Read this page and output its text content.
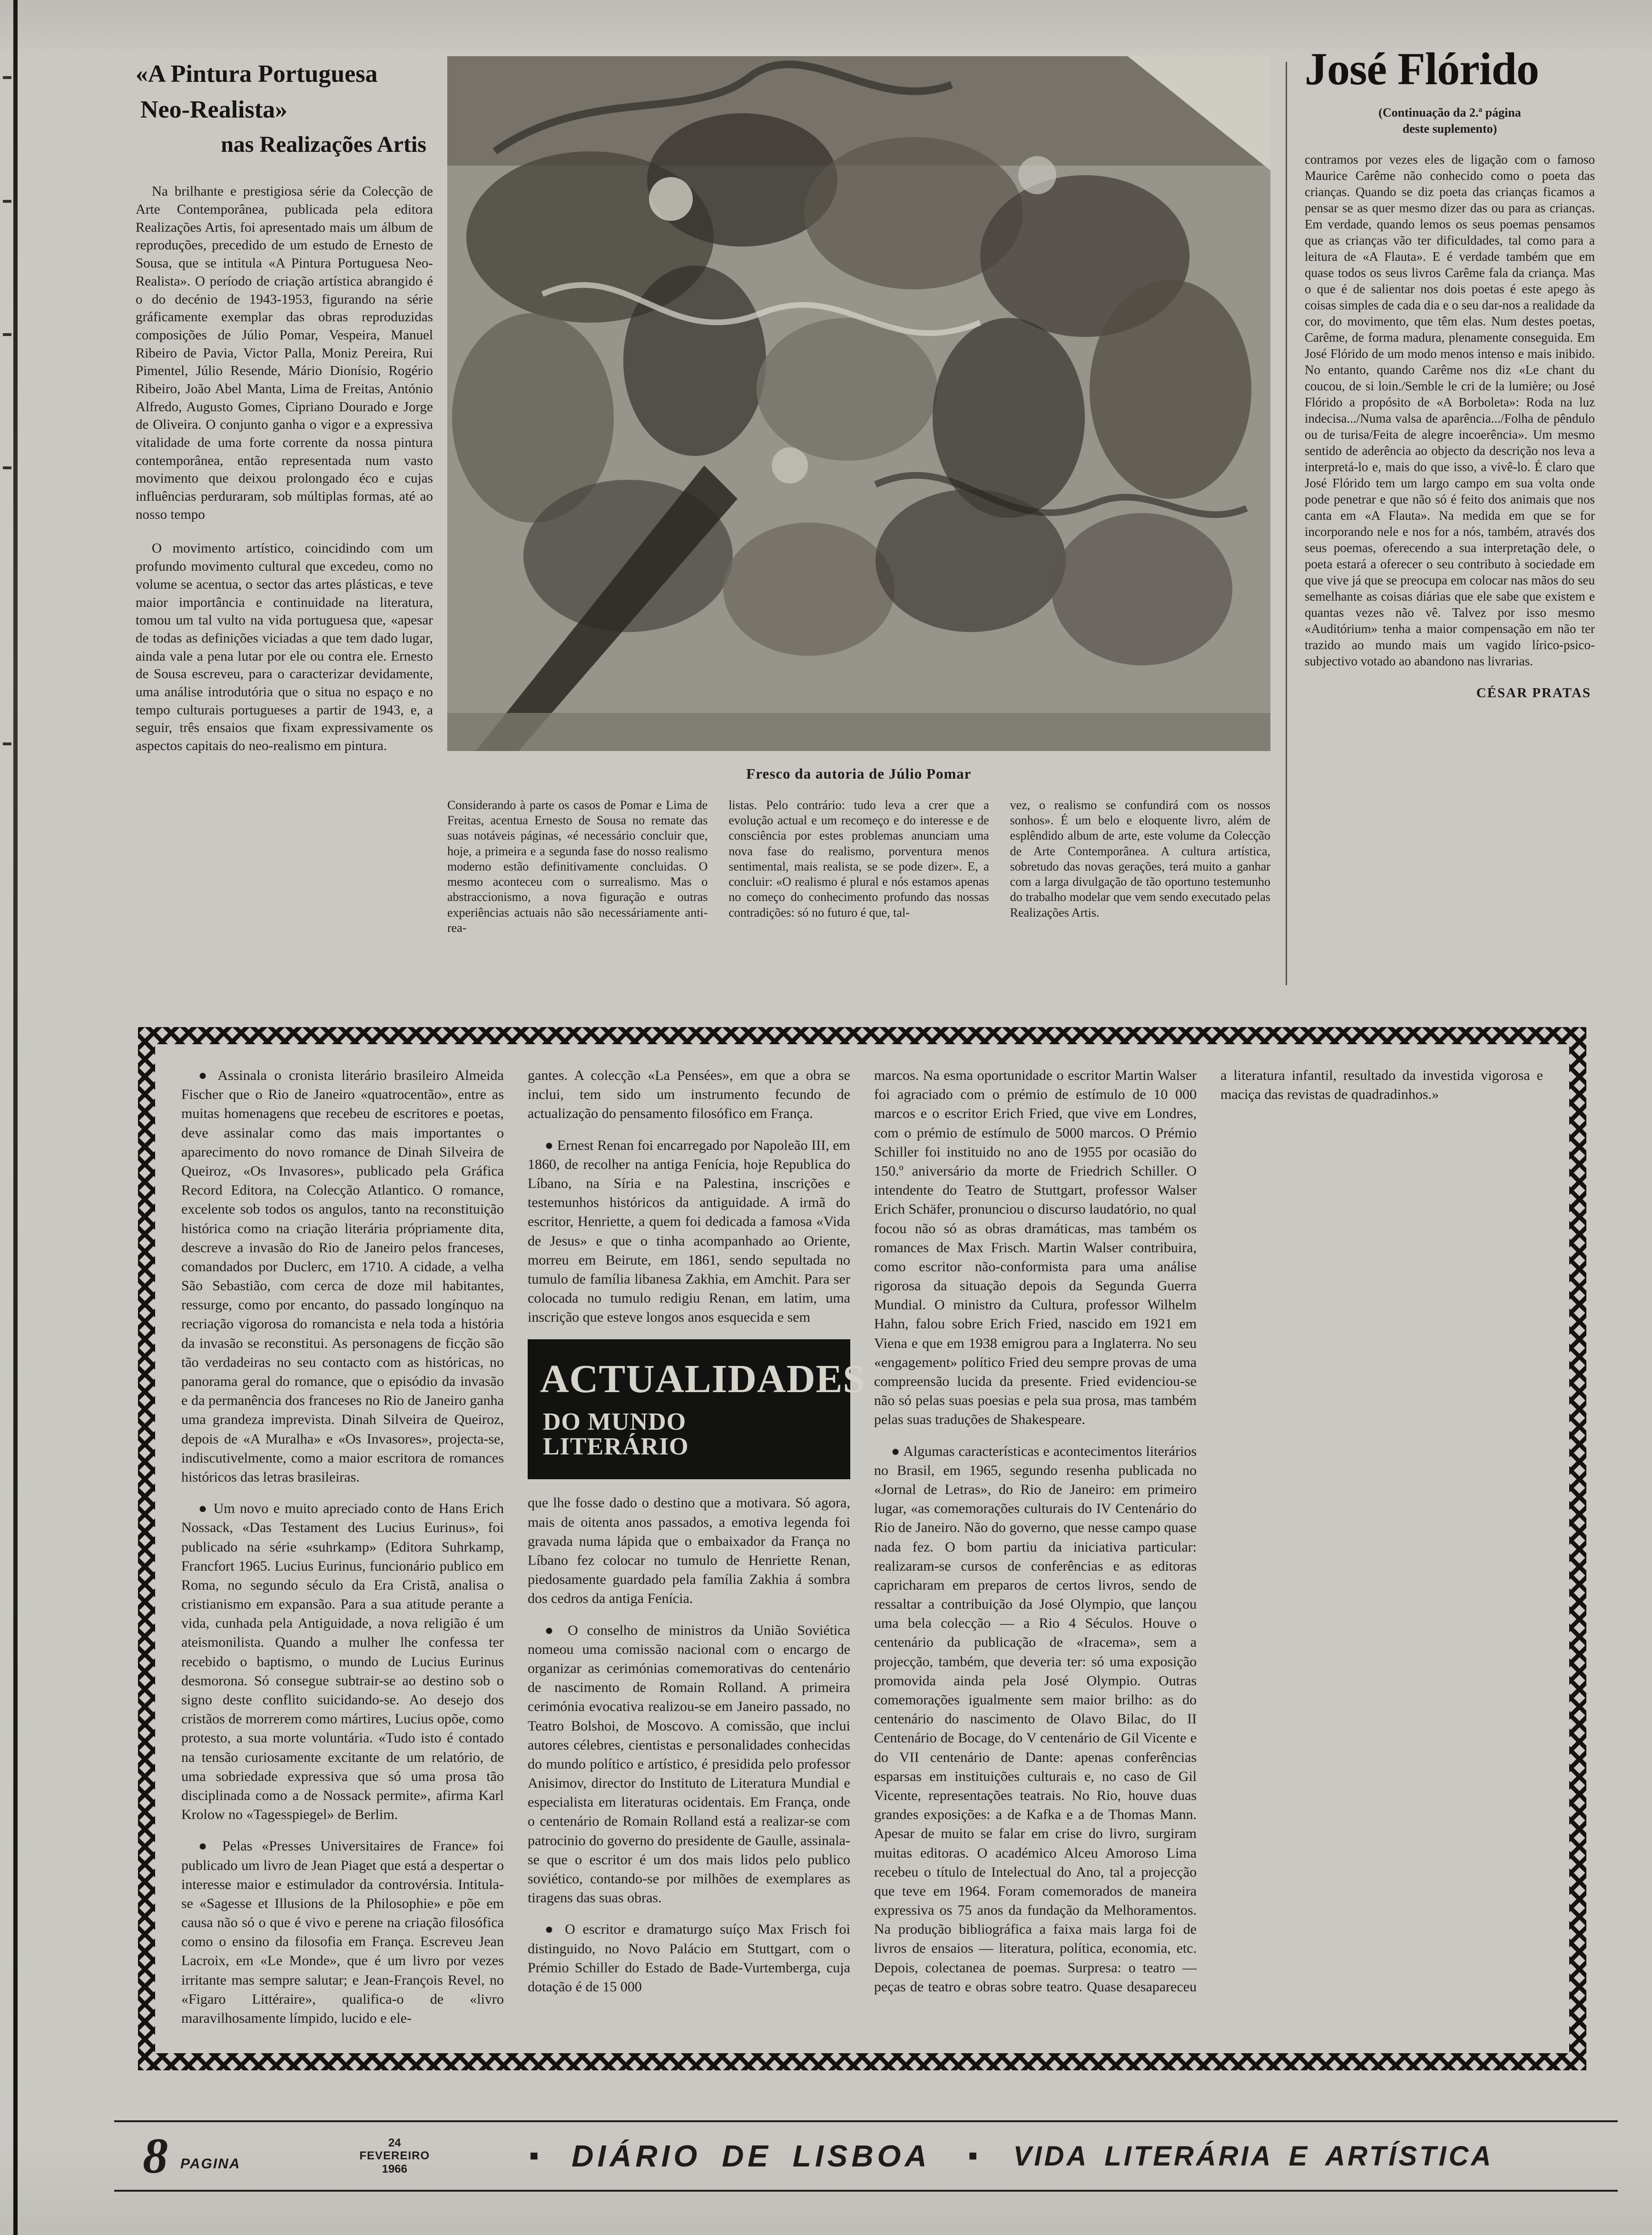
«A Pintura Portuguesa
Neo-Realista»
nas Realizações Artis

Na brilhante e prestigiosa série da Colecção de Arte Contemporânea, publicada pela editora Realizações Artis, foi apresentado mais um álbum de reproduções, precedido de um estudo de Ernesto de Sousa, que se intitula «A Pintura Portuguesa Neo-Realista». O período de criação artística abrangido é o do decénio de 1943-1953, figurando na série gráficamente exemplar das obras reproduzidas composições de Júlio Pomar, Vespeira, Manuel Ribeiro de Pavia, Victor Palla, Moniz Pereira, Rui Pimentel, Júlio Resende, Mário Dionísio, Rogério Ribeiro, João Abel Manta, Lima de Freitas, António Alfredo, Augusto Gomes, Cipriano Dourado e Jorge de Oliveira. O conjunto ganha o vigor e a expressiva vitalidade de uma forte corrente da nossa pintura contemporânea, então representada num vasto movimento que deixou prolongado éco e cujas influências perduraram, sob múltiplas formas, até ao nosso tempo

O movimento artístico, coincidindo com um profundo movimento cultural que excedeu, como no volume se acentua, o sector das artes plásticas, e teve maior importância e continuidade na literatura, tomou um tal vulto na vida portuguesa que, «apesar de todas as definições viciadas a que tem dado lugar, ainda vale a pena lutar por ele ou contra ele. Ernesto de Sousa escreveu, para o caracterizar devidamente, uma análise introdutória que o situa no espaço e no tempo culturais portugueses a partir de 1943, e, a seguir, três ensaios que fixam expressivamente os aspectos capitais do neo-realismo em pintura.

Fresco da autoria de Júlio Pomar

Considerando à parte os casos de Pomar e Lima de Freitas, acentua Ernesto de Sousa no remate das suas notáveis páginas, «é necessário concluir que, hoje, a primeira e a segunda fase do nosso realismo moderno estão definitivamente concluidas. O mesmo aconteceu com o surrealismo. Mas o abstraccionismo, a nova figuração e outras experiências actuais não são necessáriamente anti-rea-

listas. Pelo contrário: tudo leva a crer que a evolução actual e um recomeço e do interesse e de consciência por estes problemas anunciam uma nova fase do realismo, porventura menos sentimental, mais realista, se se pode dizer». E, a concluir: «O realismo é plural e nós estamos apenas no começo do conhecimento profundo das nossas contradições: só no futuro é que, tal-

vez, o realismo se confundirá com os nossos sonhos». É um belo e eloquente livro, além de esplêndido album de arte, este volume da Colecção de Arte Contemporânea. A cultura artística, sobretudo das novas gerações, terá muito a ganhar com a larga divulgação de tão oportuno testemunho do trabalho modelar que vem sendo executado pelas Realizações Artis.

José Flórido
(Continuação da 2.ª página
deste suplemento)

contramos por vezes eles de ligação com o famoso Maurice Carême não conhecido como o poeta das crianças. Quando se diz poeta das crianças ficamos a pensar se as quer mesmo dizer das ou para as crianças. Em verdade, quando lemos os seus poemas pensamos que as crianças vão ter dificuldades, tal como para a leitura de «A Flauta». E é verdade também que em quase todos os seus livros Carême fala da criança. Mas o que é de salientar nos dois poetas é este apego às coisas simples de cada dia e o seu dar-nos a realidade da cor, do movimento, que têm elas. Num destes poetas, Carême, de forma madura, plenamente conseguida. Em José Flórido de um modo menos intenso e mais inibido. No entanto, quando Carême nos diz «Le chant du coucou, de si loin./Semble le cri de la lumière; ou José Flórido a propósito de «A Borboleta»: Roda na luz indecisa.../Numa valsa de aparência.../Folha de pêndulo ou de turisa/Feita de alegre incoerência». Um mesmo sentido de aderência ao objecto da descrição nos leva a interpretá-lo e, mais do que isso, a vivê-lo. É claro que José Flórido tem um largo campo em sua volta onde pode penetrar e que não só é feito dos animais que nos canta em «A Flauta». Na medida em que se for incorporando nele e nos for a nós, também, através dos seus poemas, oferecendo a sua interpretação dele, o poeta estará a oferecer o seu contributo à sociedade em que vive já que se preocupa em colocar nas mãos do seu semelhante as coisas diárias que ele sabe que existem e quantas vezes não vê. Talvez por isso mesmo «Auditórium» tenha a maior compensação em não ter trazido ao mundo mais um vagido lírico-psico-subjectivo votado ao abandono nas livrarias.

CÉSAR PRATAS

● Assinala o cronista literário brasileiro Almeida Fischer que o Rio de Janeiro «quatrocentão», entre as muitas homenagens que recebeu de escritores e poetas, deve assinalar como das mais importantes o aparecimento do novo romance de Dinah Silveira de Queiroz, «Os Invasores», publicado pela Gráfica Record Editora, na Colecção Atlantico. O romance, excelente sob todos os angulos, tanto na reconstituição histórica como na criação literária própriamente dita, descreve a invasão do Rio de Janeiro pelos franceses, comandados por Duclerc, em 1710. A cidade, a velha São Sebastião, com cerca de doze mil habitantes, ressurge, como por encanto, do passado longínquo na recriação vigorosa do romancista e nela toda a história da invasão se reconstitui. As personagens de ficção são tão verdadeiras no seu contacto com as históricas, no panorama geral do romance, que o episódio da invasão e da permanência dos franceses no Rio de Janeiro ganha uma grandeza imprevista. Dinah Silveira de Queiroz, depois de «A Muralha» e «Os Invasores», projecta-se, indiscutivelmente, como a maior escritora de romances históricos das letras brasileiras.

● Um novo e muito apreciado conto de Hans Erich Nossack, «Das Testament des Lucius Eurinus», foi publicado na série «suhrkamp» (Editora Suhrkamp, Francfort 1965. Lucius Eurinus, funcionário publico em Roma, no segundo século da Era Cristã, analisa o cristianismo em expansão. Para a sua atitude perante a vida, cunhada pela Antiguidade, a nova religião é um ateismonilista. Quando a mulher lhe confessa ter recebido o baptismo, o mundo de Lucius Eurinus desmorona. Só consegue subtrair-se ao destino sob o signo deste conflito suicidando-se. Ao desejo dos cristãos de morrerem como mártires, Lucius opõe, como protesto, a sua morte voluntária. «Tudo isto é contado na tensão curiosamente excitante de um relatório, de uma sobriedade expressiva que só uma prosa tão disciplinada como a de Nossack permite», afirma Karl Krolow no «Tagesspiegel» de Berlim.

● Pelas «Presses Universitaires de France» foi publicado um livro de Jean Piaget que está a despertar o interesse maior e estimulador da controvérsia. Intitula-se «Sagesse et Illusions de la Philosophie» e põe em causa não só o que é vivo e perene na criação filosófica como o ensino da filosofia em França. Escreveu Jean Lacroix, em «Le Monde», que é um livro por vezes irritante mas sempre salutar; e Jean-François Revel, no «Figaro Littéraire», qualifica-o de «livro maravilhosamente límpido, lucido e ele-

gantes. A colecção «La Pensées», em que a obra se inclui, tem sido um instrumento fecundo de actualização do pensamento filosófico em França.

● Ernest Renan foi encarregado por Napoleão III, em 1860, de recolher na antiga Fenícia, hoje Republica do Líbano, na Síria e na Palestina, inscrições e testemunhos históricos da antiguidade. A irmã do escritor, Henriette, a quem foi dedicada a famosa «Vida de Jesus» e que o tinha acompanhado ao Oriente, morreu em Beirute, em 1861, sendo sepultada no tumulo de família libanesa Zakhia, em Amchit. Para ser colocada no tumulo redigiu Renan, em latim, uma inscrição que esteve longos anos esquecida e sem

ACTUALIDADES
DO MUNDO LITERÁRIO

que lhe fosse dado o destino que a motivara. Só agora, mais de oitenta anos passados, a emotiva legenda foi gravada numa lápida que o embaixador da França no Líbano fez colocar no tumulo de Henriette Renan, piedosamente guardado pela família Zakhia á sombra dos cedros da antiga Fenícia.

● O conselho de ministros da União Soviética nomeou uma comissão nacional com o encargo de organizar as cerimónias comemorativas do centenário de nascimento de Romain Rolland. A primeira cerimónia evocativa realizou-se em Janeiro passado, no Teatro Bolshoi, de Moscovo. A comissão, que inclui autores célebres, cientistas e personalidades conhecidas do mundo político e artístico, é presidida pelo professor Anisimov, director do Instituto de Literatura Mundial e especialista em literaturas ocidentais. Em França, onde o centenário de Romain Rolland está a realizar-se com patrocinio do governo do presidente de Gaulle, assinala-se que o escritor é um dos mais lidos pelo publico soviético, contando-se por milhões de exemplares as tiragens das suas obras.

● O escritor e dramaturgo suíço Max Frisch foi distinguido, no Novo Palácio em Stuttgart, com o Prémio Schiller do Estado de Bade-Vurtemberga, cuja dotação é de 15 000

marcos. Na esma oportunidade o escritor Martin Walser foi agraciado com o prémio de estímulo de 10 000 marcos e o escritor Erich Fried, que vive em Londres, com o prémio de estímulo de 5000 marcos. O Prémio Schiller foi instituido no ano de 1955 por ocasião do 150.º aniversário da morte de Friedrich Schiller. O intendente do Teatro de Stuttgart, professor Walser Erich Schäfer, pronunciou o discurso laudatório, no qual focou não só as obras dramáticas, mas também os romances de Max Frisch. Martin Walser contribuira, como escritor não-conformista para uma análise rigorosa da situação depois da Segunda Guerra Mundial. O ministro da Cultura, professor Wilhelm Hahn, falou sobre Erich Fried, nascido em 1921 em Viena e que em 1938 emigrou para a Inglaterra. No seu «engagement» político Fried deu sempre provas de uma compreensão lucida da presente. Fried evidenciou-se não só pelas suas poesias e pela sua prosa, mas também pelas suas traduções de Shakespeare.

● Algumas características e acontecimentos literários no Brasil, em 1965, segundo resenha publicada no «Jornal de Letras», do Rio de Janeiro: em primeiro lugar, «as comemorações culturais do IV Centenário do Rio de Janeiro. Não do governo, que nesse campo quase nada fez. O bom partiu da iniciativa particular: realizaram-se cursos de conferências e as editoras capricharam em preparos de certos livros, sendo de ressaltar a contribuição da José Olympio, que lançou uma bela colecção — a Rio 4 Séculos. Houve o centenário da publicação de «Iracema», sem a projecção, também, que deveria ter: só uma exposição promovida ainda pela José Olympio. Outras comemorações igualmente sem maior brilho: as do centenário do nascimento de Olavo Bilac, do II Centenário de Bocage, do V centenário de Gil Vicente e do VII centenário de Dante: apenas conferências esparsas em instituições culturais e, no caso de Gil Vicente, representações teatrais. No Rio, houve duas grandes exposições: a de Kafka e a de Thomas Mann. Apesar de muito se falar em crise do livro, surgiram muitas editoras. O académico Alceu Amoroso Lima recebeu o título de Intelectual do Ano, tal a projecção que teve em 1964. Foram comemorados de maneira expressiva os 75 anos da fundação da Melhoramentos. Na produção bibliográfica a faixa mais larga foi de livros de ensaios — literatura, política, economia, etc. Depois, colectanea de poemas. Surpresa: o teatro — peças de teatro e obras sobre teatro. Quase desapareceu a literatura infantil, resultado da investida vigorosa e maciça das revistas de quadradinhos.»

8 PAGINA
24
FEVEREIRO
1966
■ DIÁRIO DE LISBOA	■ VIDA LITERÁRIA E ARTÍSTICA
